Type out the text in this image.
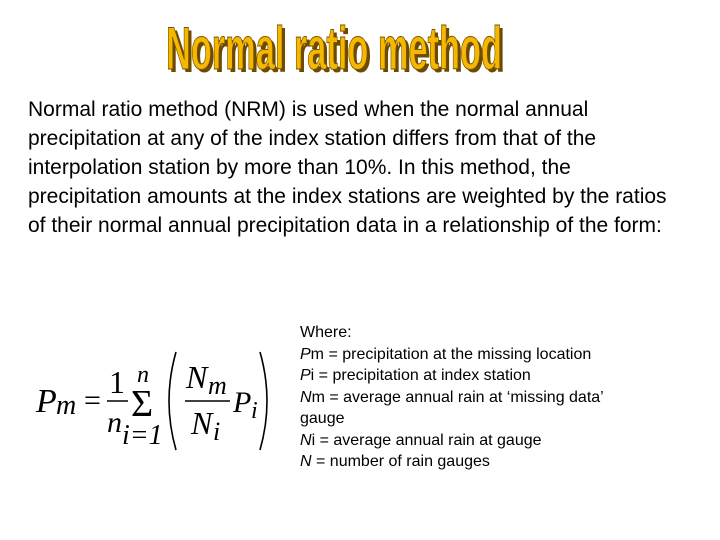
Normal ratio method
Normal ratio method

Normal ratio method (NRM) is used when the normal annual precipitation at any of the index station differs from that of the interpolation station by more than 10%. In this method, the precipitation amounts at the index stations are weighted by the ratios of their normal annual precipitation data in a relationship of the form:

P m =
1
n
n
Σ
i=1
N m
N i
P i
Where:
Pm = precipitation at the missing location
Pi = precipitation at index station
Nm = average annual rain at ‘missing data’
gauge
Ni = average annual rain at gauge
N = number of rain gauges
